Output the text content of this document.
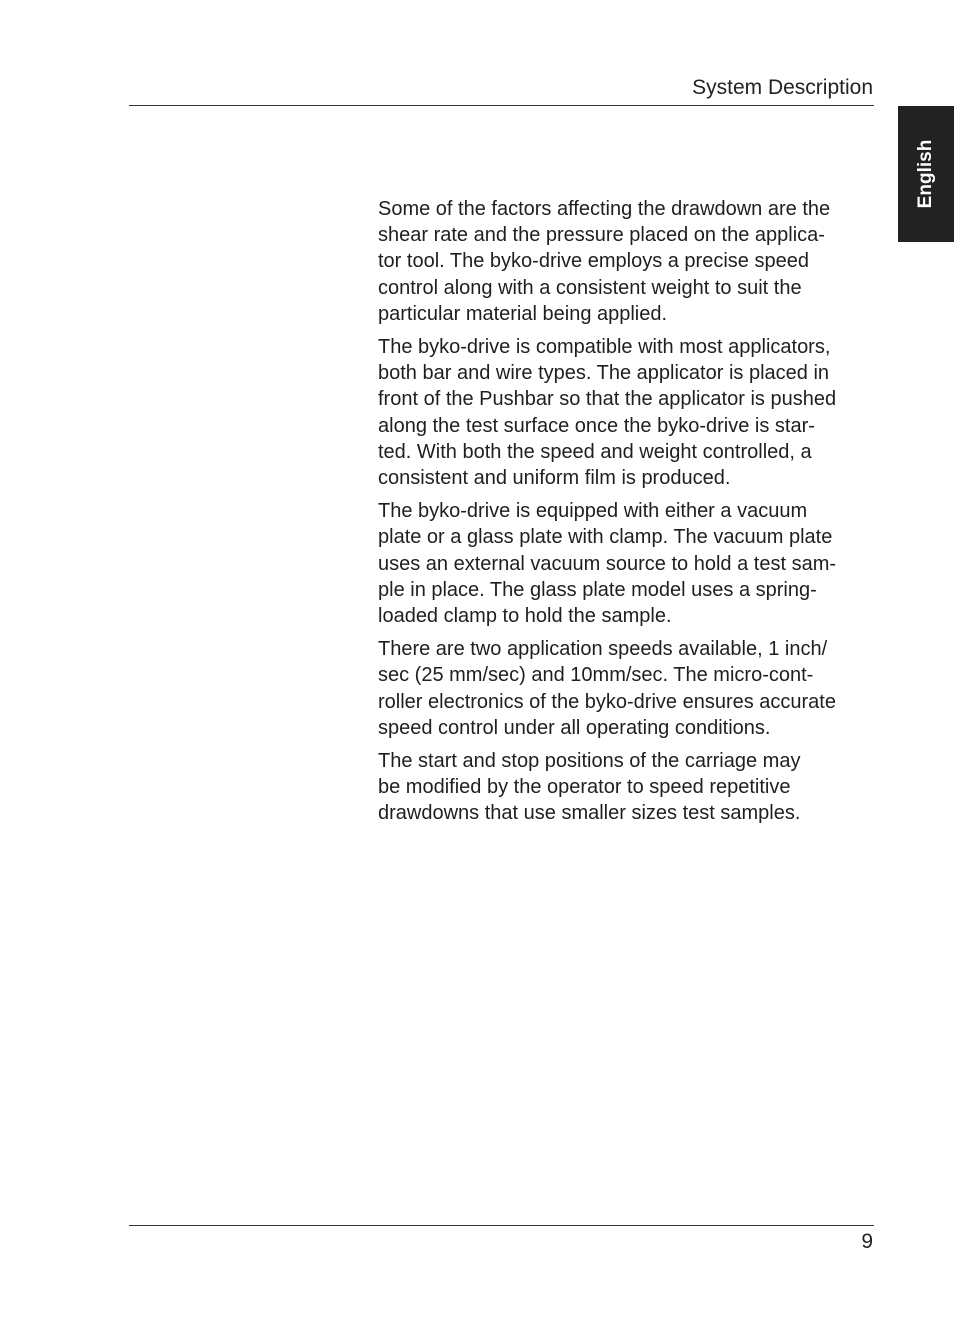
System Description
English

Some of the factors affecting the drawdown are the
shear rate and the pressure placed on the applica-
tor tool. The byko-drive employs a precise speed
control along with a consistent weight to suit the
particular material being applied.

The byko-drive is compatible with most applicators,
both bar and wire types. The applicator is placed in
front of the Pushbar so that the applicator is pushed
along the test surface once the byko-drive is star-
ted. With both the speed and weight controlled, a
consistent and uniform film is produced.

The byko-drive is equipped with either a vacuum
plate or a glass plate with clamp. The vacuum plate
uses an external vacuum source to hold a test sam-
ple in place. The glass plate model uses a spring-
loaded clamp to hold the sample.

There are two application speeds available, 1 inch/
sec (25 mm/sec) and 10mm/sec. The micro-cont-
roller electronics of the byko-drive ensures accurate
speed control under all operating conditions.

The start and stop positions of the carriage may
be modified by the operator to speed repetitive
drawdowns that use smaller sizes test samples.

9
